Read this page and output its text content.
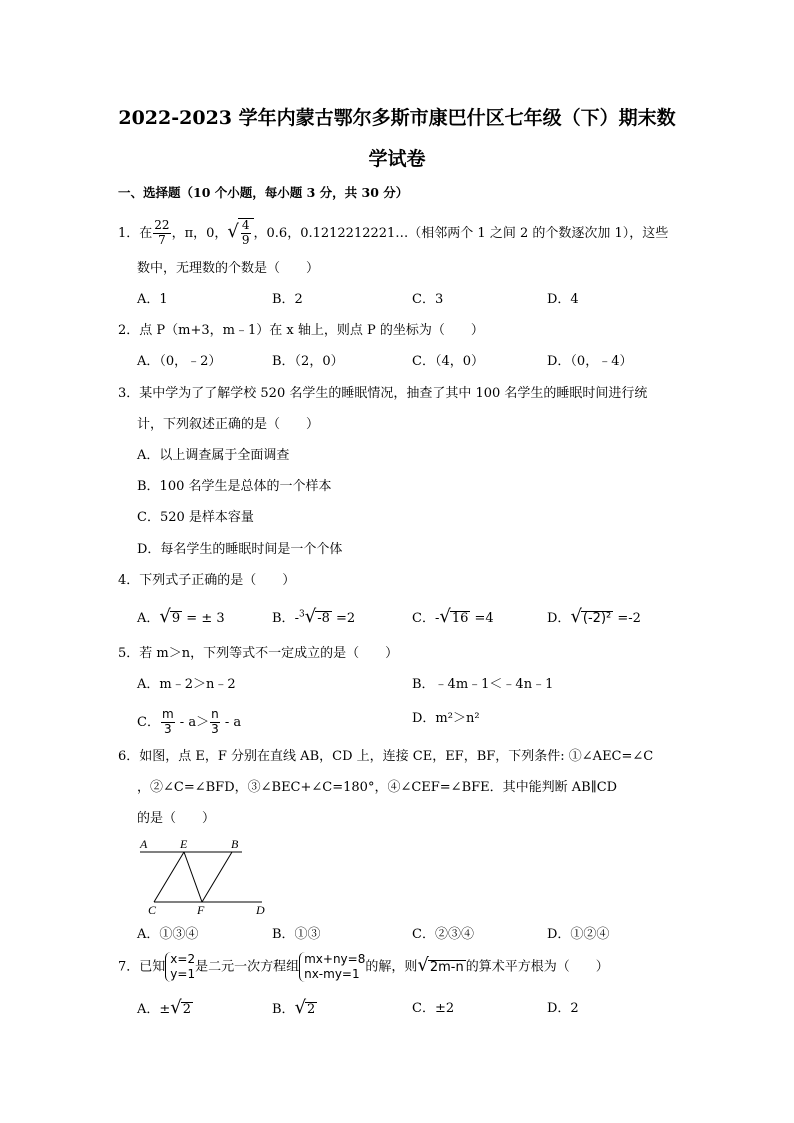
2022-2023 学年内蒙古鄂尔多斯市康巴什区七年级（下）期末数
学试卷
一、选择题（10 个小题，每小题 3 分，共 30 分）
1．在 $\frac{22}{7}$ ，π，0，√ $\frac{4}{9}$ ，0.6，0.1212212221…（相邻两个 1 之间 2 的个数逐次加 1），这些
数中，无理数的个数是（　　）
A．1	B．2	C．3	D．4
2．点 P（m+3，m﹣1）在 x 轴上，则点 P 的坐标为（　　）
A．（0，﹣2）	B．（2，0）	C．（4，0）	D．（0，﹣4）
3．某中学为了了解学校 520 名学生的睡眠情况，抽查了其中 100 名学生的睡眠时间进行统
计，下列叙述正确的是（　　）
A．以上调查属于全面调查
B．100 名学生是总体的一个样本
C．520 是样本容量
D．每名学生的睡眠时间是一个个体
4．下列式子正确的是（　　）
A．√9 = ± 3	B．-$^3$√-8 =2	C．-√16 =4	D．√(-2)² =-2
5．若 m＞n，下列等式不一定成立的是（　　）
A．m﹣2＞n﹣2	B．﹣4m﹣1＜﹣4n﹣1
C． $\frac{m}{3} - a> \frac{n}{3} - a$	D．m²＞n²
6．如图，点 E，F 分别在直线 AB，CD 上，连接 CE，EF，BF，下列条件: ①∠AEC=∠C
，②∠C=∠BFD，③∠BEC+∠C=180°，④∠CEF=∠BFE．其中能判断 AB∥CD
的是（　　）
A	E	B
C	F	D
A．①③④	B．①③	C．②③④	D．①②④
7．已知
x=2
y=1 是二元一次方程组
mx+ny=8
nx-my=1 的解，则√2m-n 的算术平方根为（　　）
A．±√2	B．√2	C．±2	D．2
